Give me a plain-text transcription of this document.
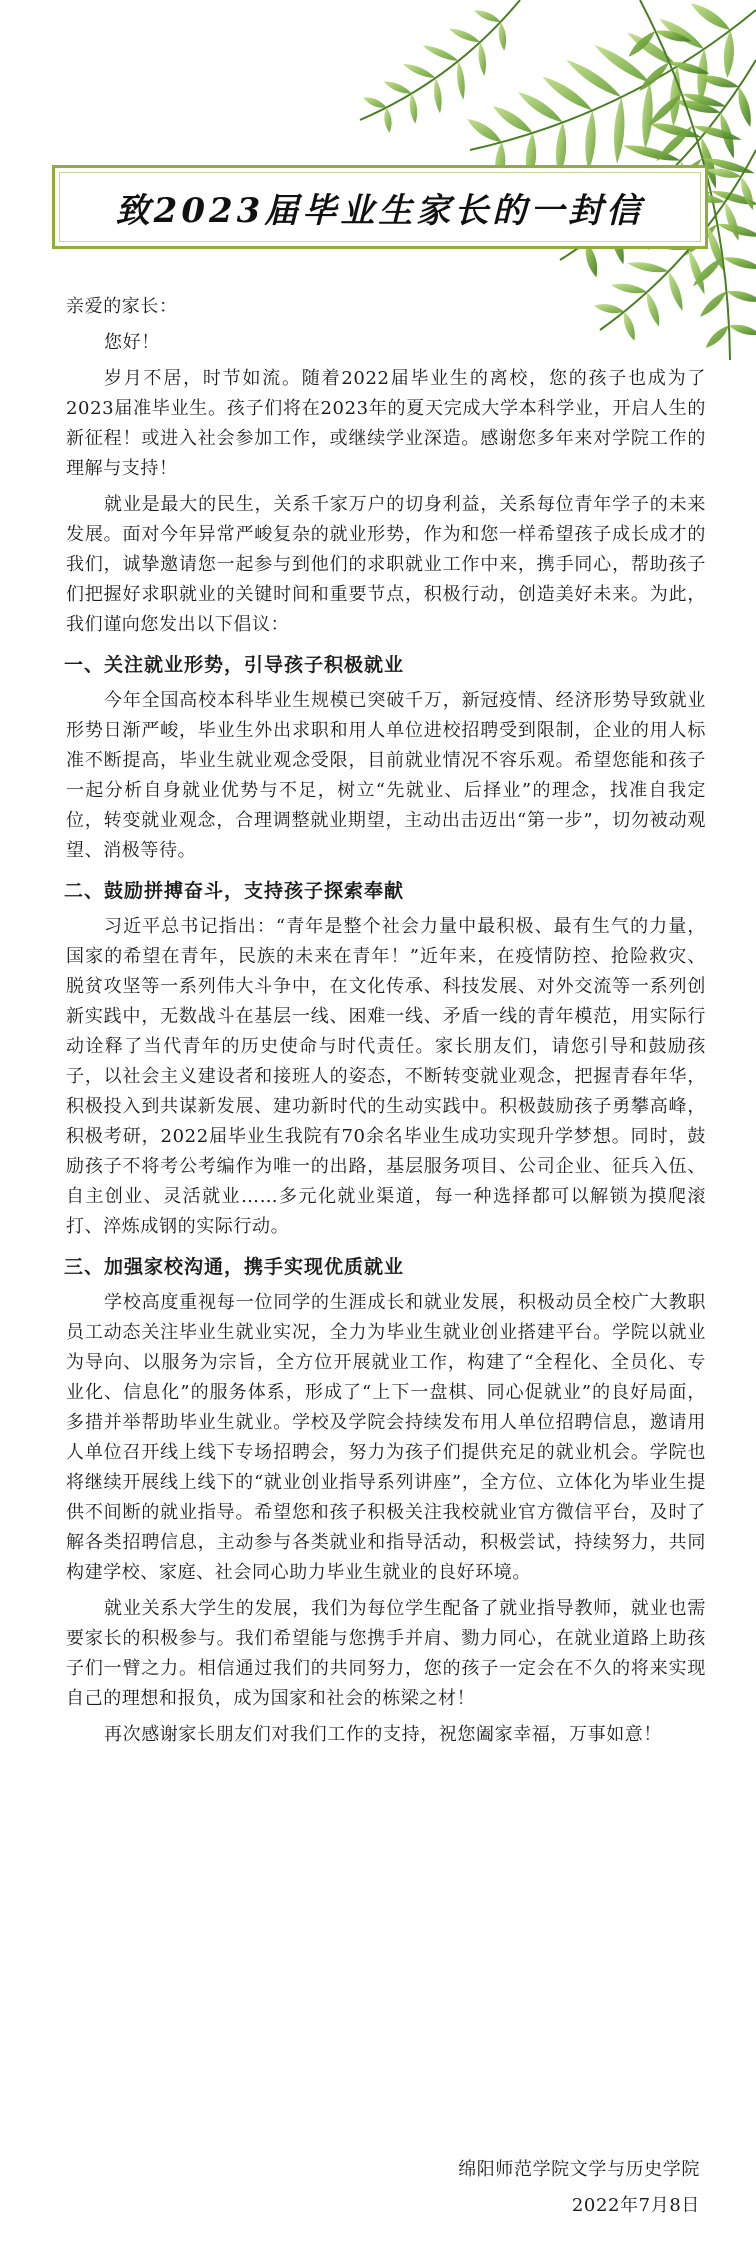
致2023届毕业生家长的一封信

亲爱的家长：

您好！

岁月不居，时节如流。随着2022届毕业生的离校，您的孩子也成为了2023届准毕业生。孩子们将在2023年的夏天完成大学本科学业，开启人生的新征程！或进入社会参加工作，或继续学业深造。感谢您多年来对学院工作的理解与支持！

就业是最大的民生，关系千家万户的切身利益，关系每位青年学子的未来发展。面对今年异常严峻复杂的就业形势，作为和您一样希望孩子成长成才的我们，诚挚邀请您一起参与到他们的求职就业工作中来，携手同心，帮助孩子们把握好求职就业的关键时间和重要节点，积极行动，创造美好未来。为此，我们谨向您发出以下倡议：

一、关注就业形势，引导孩子积极就业

今年全国高校本科毕业生规模已突破千万，新冠疫情、经济形势导致就业形势日渐严峻，毕业生外出求职和用人单位进校招聘受到限制，企业的用人标准不断提高，毕业生就业观念受限，目前就业情况不容乐观。希望您能和孩子一起分析自身就业优势与不足，树立“先就业、后择业”的理念，找准自我定位，转变就业观念，合理调整就业期望，主动出击迈出“第一步”，切勿被动观望、消极等待。

二、鼓励拼搏奋斗，支持孩子探索奉献

习近平总书记指出：“青年是整个社会力量中最积极、最有生气的力量，国家的希望在青年，民族的未来在青年！”近年来，在疫情防控、抢险救灾、脱贫攻坚等一系列伟大斗争中，在文化传承、科技发展、对外交流等一系列创新实践中，无数战斗在基层一线、困难一线、矛盾一线的青年模范，用实际行动诠释了当代青年的历史使命与时代责任。家长朋友们，请您引导和鼓励孩子，以社会主义建设者和接班人的姿态，不断转变就业观念，把握青春年华，积极投入到共谋新发展、建功新时代的生动实践中。积极鼓励孩子勇攀高峰，积极考研，2022届毕业生我院有70余名毕业生成功实现升学梦想。同时，鼓励孩子不将考公考编作为唯一的出路，基层服务项目、公司企业、征兵入伍、自主创业、灵活就业……多元化就业渠道，每一种选择都可以解锁为摸爬滚打、淬炼成钢的实际行动。

三、加强家校沟通，携手实现优质就业

学校高度重视每一位同学的生涯成长和就业发展，积极动员全校广大教职员工动态关注毕业生就业实况，全力为毕业生就业创业搭建平台。学院以就业为导向、以服务为宗旨，全方位开展就业工作，构建了“全程化、全员化、专业化、信息化”的服务体系，形成了“上下一盘棋、同心促就业”的良好局面，多措并举帮助毕业生就业。学校及学院会持续发布用人单位招聘信息，邀请用人单位召开线上线下专场招聘会，努力为孩子们提供充足的就业机会。学院也将继续开展线上线下的“就业创业指导系列讲座”，全方位、立体化为毕业生提供不间断的就业指导。希望您和孩子积极关注我校就业官方微信平台，及时了解各类招聘信息，主动参与各类就业和指导活动，积极尝试，持续努力，共同构建学校、家庭、社会同心助力毕业生就业的良好环境。

就业关系大学生的发展，我们为每位学生配备了就业指导教师，就业也需要家长的积极参与。我们希望能与您携手并肩、勠力同心，在就业道路上助孩子们一臂之力。相信通过我们的共同努力，您的孩子一定会在不久的将来实现自己的理想和报负，成为国家和社会的栋梁之材！

再次感谢家长朋友们对我们工作的支持，祝您阖家幸福，万事如意！

绵阳师范学院文学与历史学院
2022年7月8日
